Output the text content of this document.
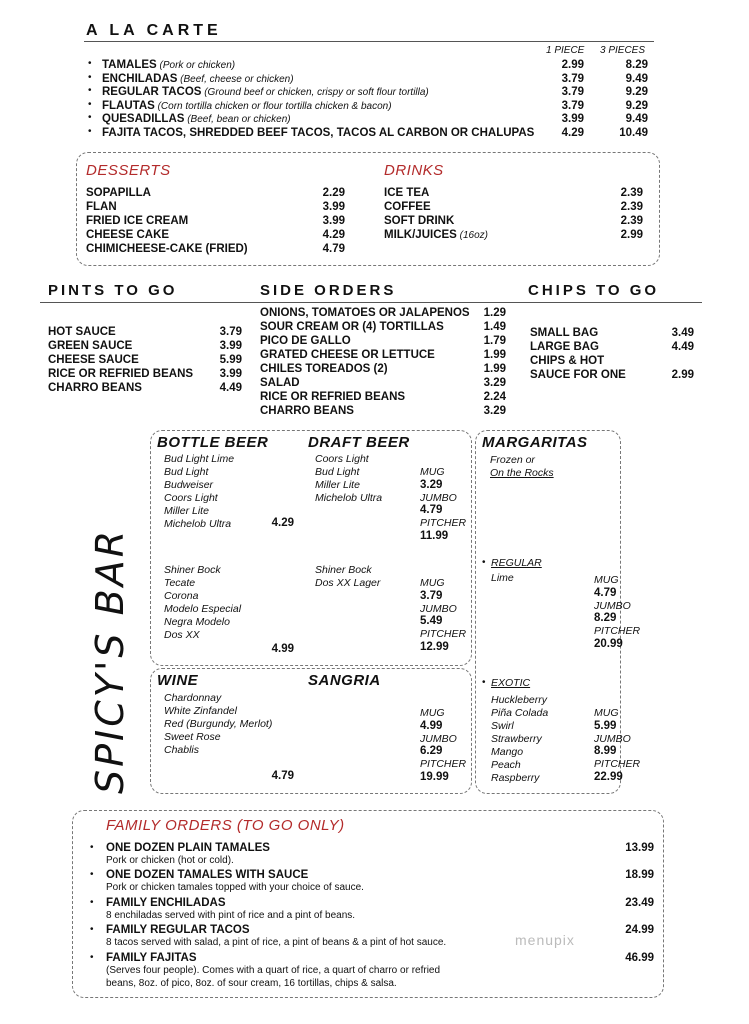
A LA CARTE
1 PIECE 3 PIECES
• TAMALES (Pork or chicken)	2.99	8.29
• ENCHILADAS (Beef, cheese or chicken)	3.79	9.49
• REGULAR TACOS (Ground beef or chicken, crispy or soft flour tortilla)	3.79	9.29
• FLAUTAS (Corn tortilla chicken or flour tortilla chicken & bacon)	3.79	9.29
• QUESADILLAS (Beef, bean or chicken)	3.99	9.49
• FAJITA TACOS, SHREDDED BEEF TACOS, TACOS AL CARBON OR CHALUPAS	4.29	10.49
DESSERTS	DRINKS
SOPAPILLA	2.29
FLAN	3.99
FRIED ICE CREAM	3.99
CHEESE CAKE	4.29
CHIMICHEESE-CAKE (FRIED)	4.79
ICE TEA	2.39
COFFEE	2.39
SOFT DRINK	2.39
MILK/JUICES (16oz)	2.99
PINTS TO GO	SIDE ORDERS	CHIPS TO GO
HOT SAUCE	3.79
GREEN SAUCE	3.99
CHEESE SAUCE	5.99
RICE OR REFRIED BEANS	3.99
CHARRO BEANS	4.49
ONIONS, TOMATOES OR JALAPENOS	1.29
SOUR CREAM OR (4) TORTILLAS	1.49
PICO DE GALLO	1.79
GRATED CHEESE OR LETTUCE	1.99
CHILES TOREADOS (2)	1.99
SALAD	3.29
RICE OR REFRIED BEANS	2.24
CHARRO BEANS	3.29
SMALL BAG	3.49
LARGE BAG	4.49
CHIPS & HOT
SAUCE FOR ONE	2.99
SPICY'S BAR
BOTTLE BEER	DRAFT BEER	MARGARITAS
WINE	SANGRIA
Bud Light Lime
Bud Light
Budweiser
Coors Light
Miller Lite
Michelob Ultra	4.29
Shiner Bock
Tecate
Corona
Modelo Especial
Negra Modelo
Dos XX
4.99
Coors Light
Bud Light
Miller Lite
Michelob Ultra
MUG
3.29
JUMBO
4.79
PITCHER
11.99
Shiner Bock
Dos XX Lager	MUG
3.79
JUMBO
5.49
PITCHER
12.99
Chardonnay
White Zinfandel
Red (Burgundy, Merlot)
Sweet Rose
Chablis
4.79
MUG
4.99
JUMBO
6.29
PITCHER
19.99
Frozen or
On the Rocks
• REGULAR
Lime	MUG
4.79
JUMBO
8.29
PITCHER
20.99
• EXOTIC
Huckleberry
Piña Colada
Swirl
Strawberry
Mango
Peach
Raspberry
MUG
5.99
JUMBO
8.99
PITCHER
22.99
FAMILY ORDERS (TO GO ONLY)
• ONE DOZEN PLAIN TAMALES	13.99
Pork or chicken (hot or cold).
• ONE DOZEN TAMALES WITH SAUCE	18.99
Pork or chicken tamales topped with your choice of sauce.
• FAMILY ENCHILADAS	23.49
8 enchiladas served with pint of rice and a pint of beans.
• FAMILY REGULAR TACOS	24.99
8 tacos served with salad, a pint of rice, a pint of beans & a pint of hot sauce.
• FAMILY FAJITAS	46.99
(Serves four people). Comes with a quart of rice, a quart of charro or refried
beans, 8oz. of pico, 8oz. of sour cream, 16 tortillas, chips & salsa.
menupix
